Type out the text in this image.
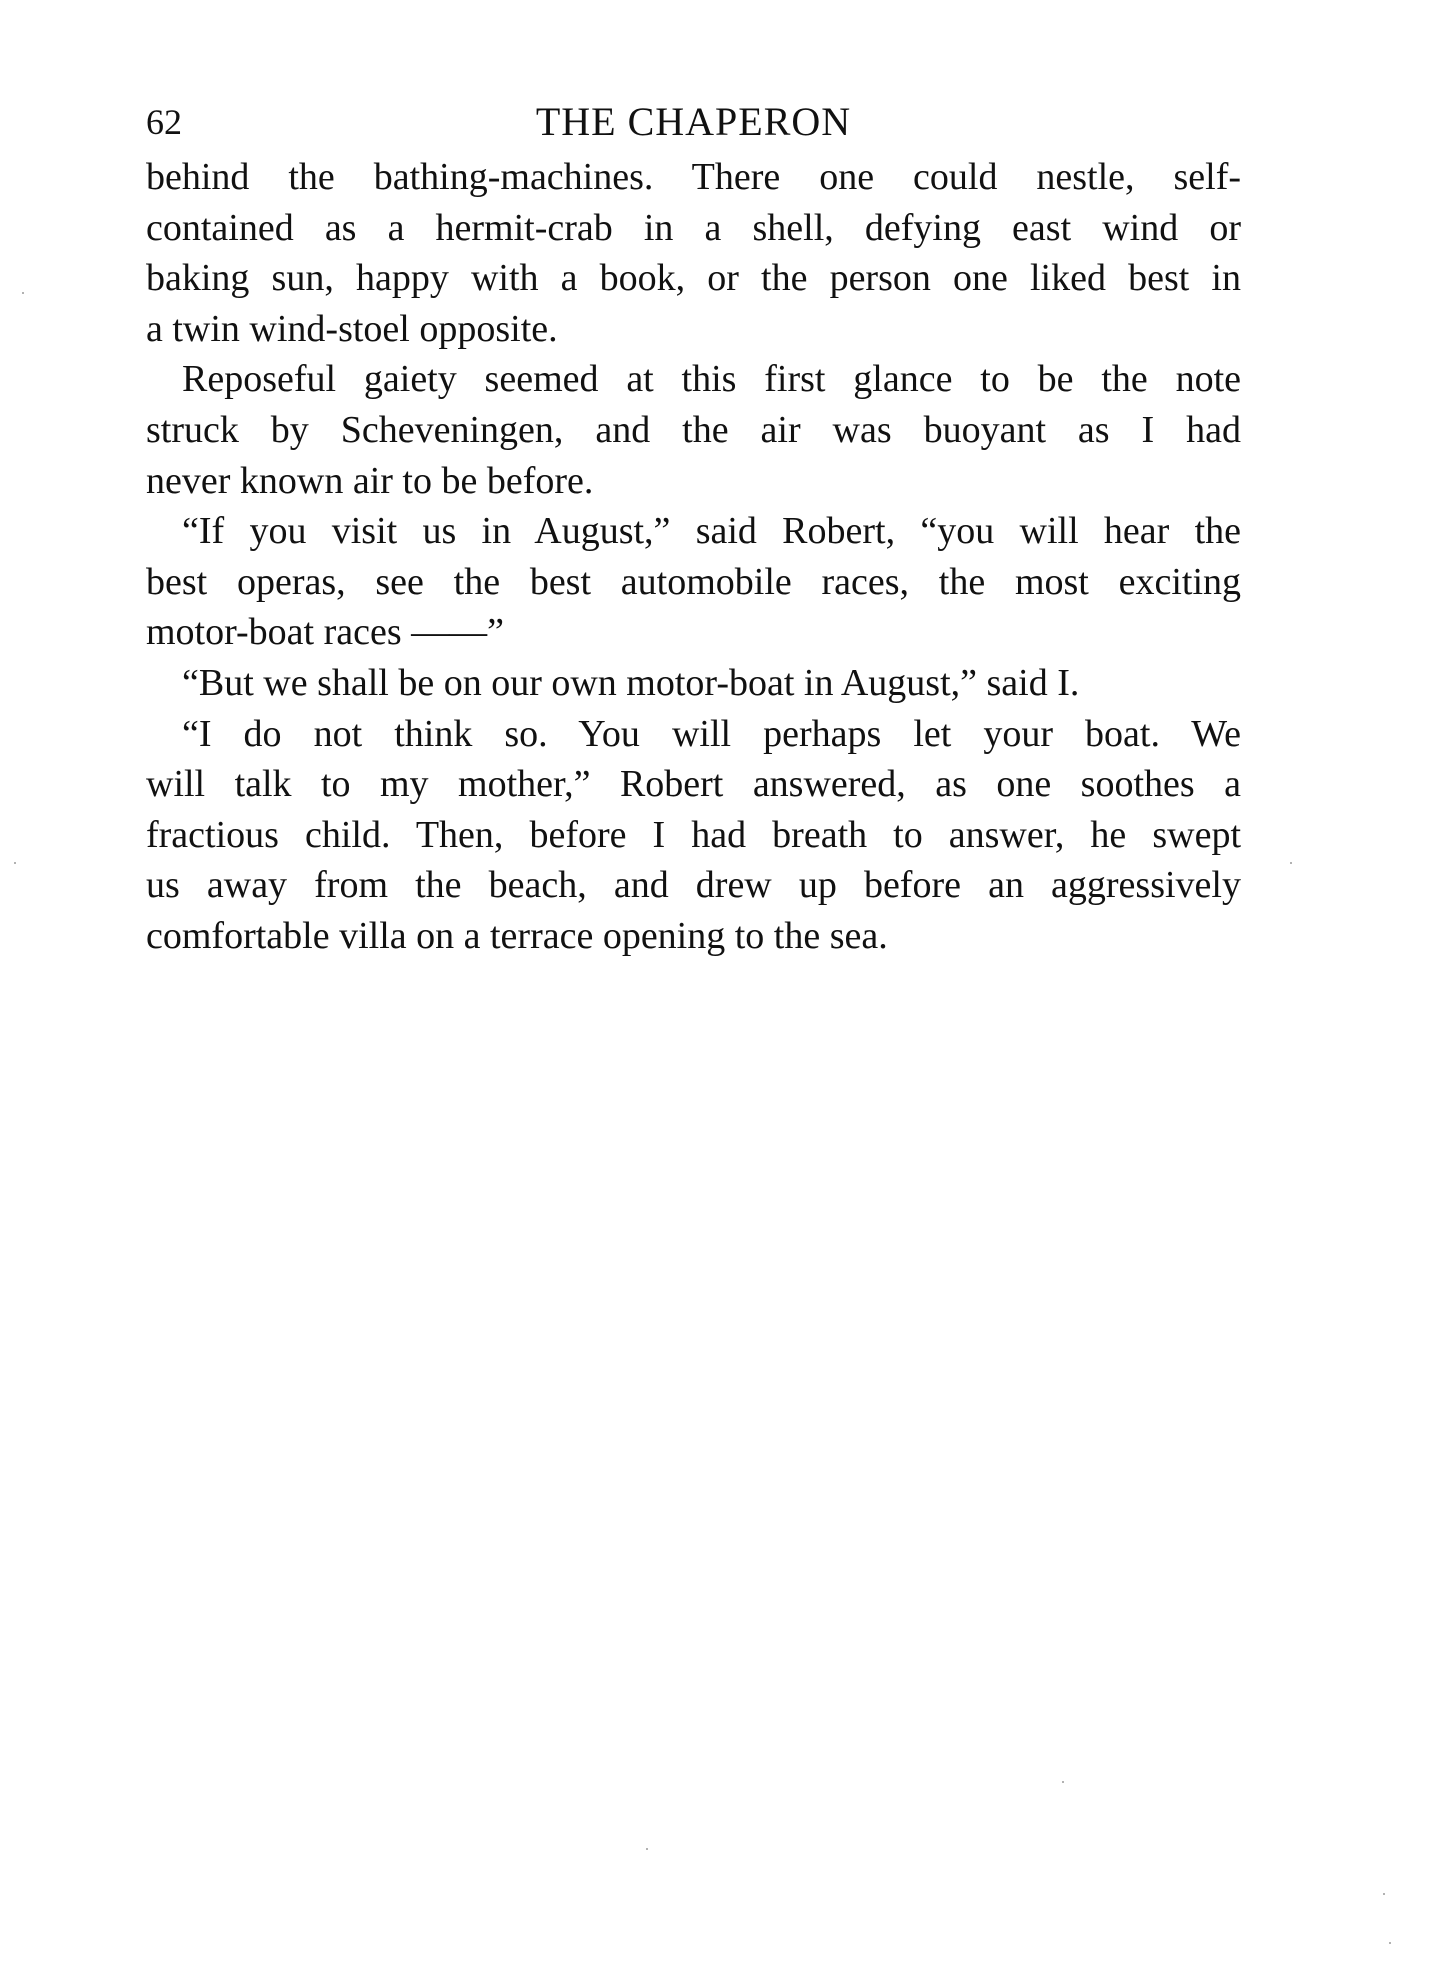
62	THE CHAPERON
behind the bathing-machines. There one could nestle, self-
contained as a hermit-crab in a shell, defying east wind or
baking sun, happy with a book, or the person one liked best in
a twin wind-stoel opposite.
Reposeful gaiety seemed at this first glance to be the note
struck by Scheveningen, and the air was buoyant as I had
never known air to be before.
“If you visit us in August,” said Robert, “you will hear the
best operas, see the best automobile races, the most exciting
motor-boat races ——”
“But we shall be on our own motor-boat in August,” said I.
“I do not think so. You will perhaps let your boat. We
will talk to my mother,” Robert answered, as one soothes a
fractious child. Then, before I had breath to answer, he swept
us away from the beach, and drew up before an aggressively
comfortable villa on a terrace opening to the sea.
